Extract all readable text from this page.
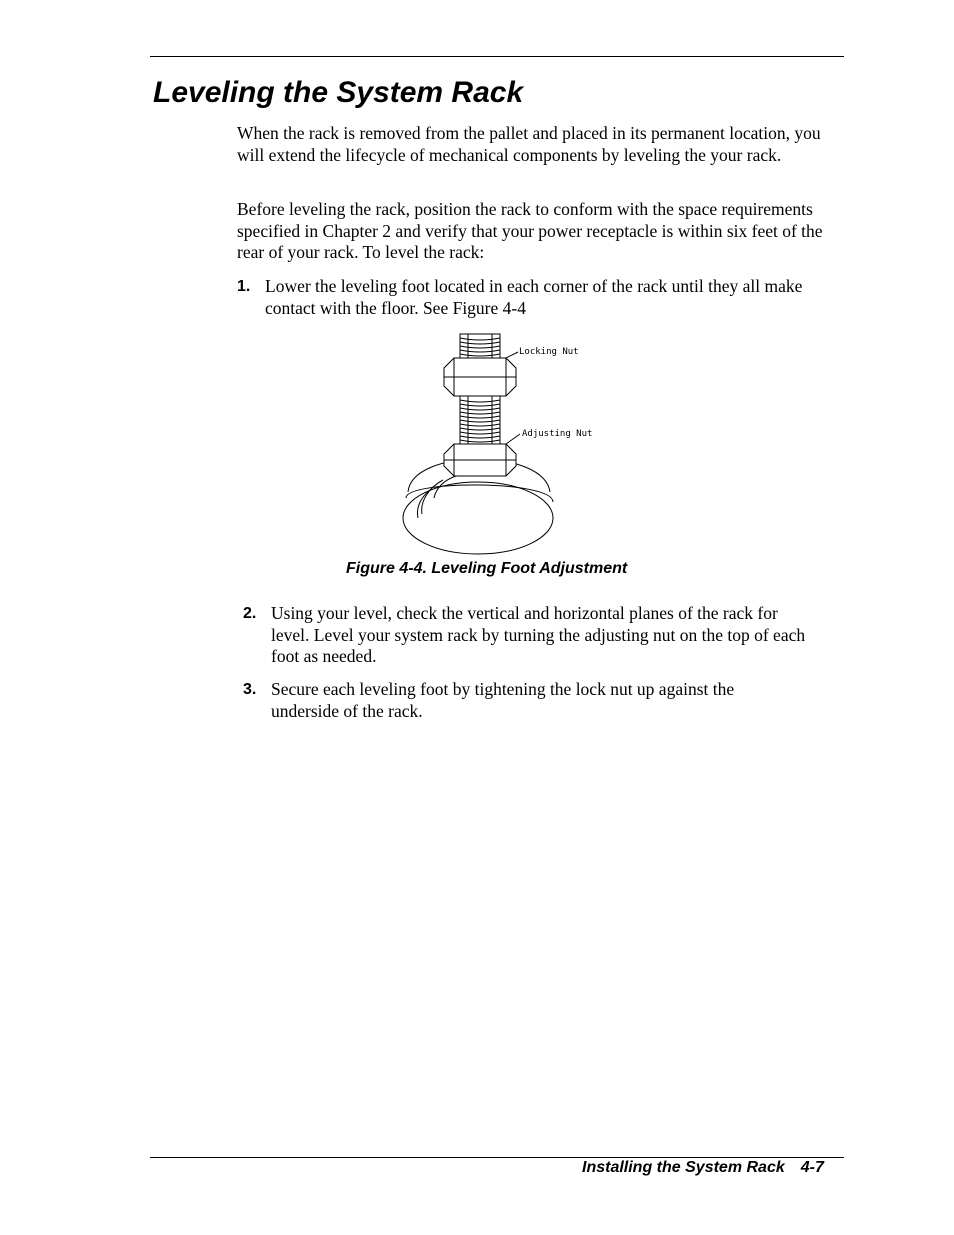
Leveling the System Rack

When the rack is removed from the pallet and placed in its permanent location, you will extend the lifecycle of mechanical components by leveling the your rack.

Before leveling the rack, position the rack to conform with the space requirements specified in Chapter 2 and verify that your power receptacle is within six feet of the rear of your rack. To level the rack:

1. Lower the leveling foot located in each corner of the rack until they all make
contact with the floor. See Figure 4-4
Locking Nut
Adjusting Nut

Figure 4-4. Leveling Foot Adjustment

2. Using your level, check the vertical and horizontal planes of the rack for
level. Level your system rack by turning the adjusting nut on the top of each
foot as needed.
3. Secure each leveling foot by tightening the lock nut up against the
underside of the rack.

Installing the System Rack 4-7
